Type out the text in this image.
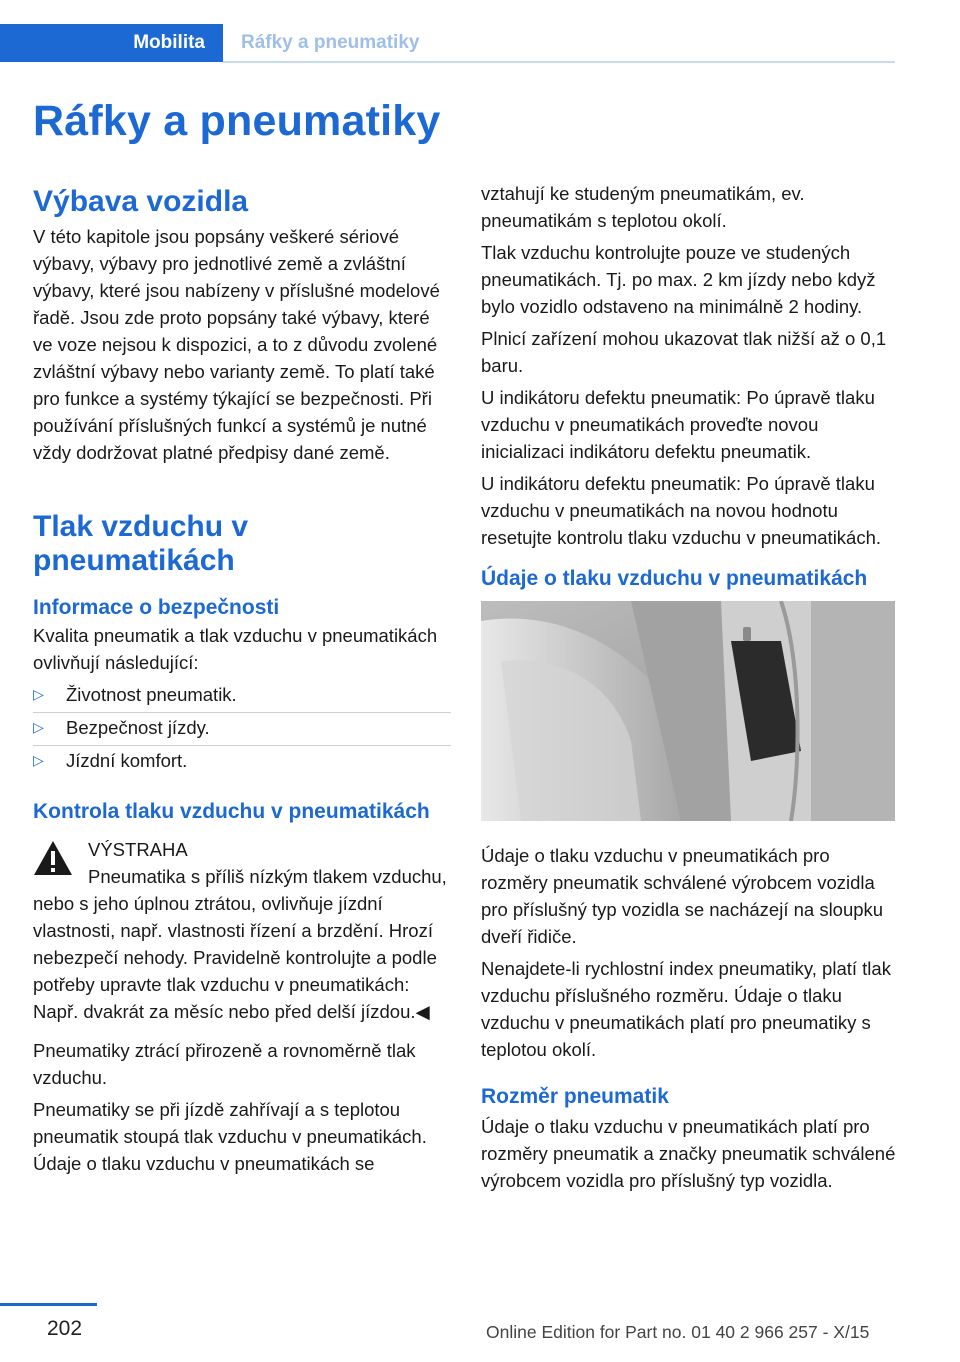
Mobilita Ráfky a pneumatiky
Ráfky a pneumatiky
Výbava vozidla

V této kapitole jsou popsány veškeré sériové výbavy, výbavy pro jednotlivé země a zvláštní výbavy, které jsou nabízeny v příslušné modelové řadě. Jsou zde proto popsány také výbavy, které ve voze nejsou k dispozici, a to z důvodu zvolené zvláštní výbavy nebo varianty země. To platí také pro funkce a systémy týkající se bezpečnosti. Při používání příslušných funkcí a systémů je nutné vždy dodržovat platné předpisy dané země.

Tlak vzduchu v pneumatikách
Informace o bezpečnosti

Kvalita pneumatik a tlak vzduchu v pneumatikách ovlivňují následující:

▷ Životnost pneumatik.
▷ Bezpečnost jízdy.
▷ Jízdní komfort.
Kontrola tlaku vzduchu v pneumatikách

VÝSTRAHA

Pneumatika s příliš nízkým tlakem vzduchu, nebo s jeho úplnou ztrátou, ovlivňuje jízdní vlastnosti, např. vlastnosti řízení a brzdění. Hrozí nebezpečí nehody. Pravidelně kontrolujte a podle potřeby upravte tlak vzduchu v pneumatikách: Např. dvakrát za měsíc nebo před delší jízdou.◀

Pneumatiky ztrácí přirozeně a rovnoměrně tlak vzduchu.

Pneumatiky se při jízdě zahřívají a s teplotou pneumatik stoupá tlak vzduchu v pneumatikách. Údaje o tlaku vzduchu v pneumatikách se

vztahují ke studeným pneumatikám, ev. pneumatikám s teplotou okolí.

Tlak vzduchu kontrolujte pouze ve studených pneumatikách. Tj. po max. 2 km jízdy nebo když bylo vozidlo odstaveno na minimálně 2 hodiny.

Plnicí zařízení mohou ukazovat tlak nižší až o 0,1 baru.

U indikátoru defektu pneumatik: Po úpravě tlaku vzduchu v pneumatikách proveďte novou inicializaci indikátoru defektu pneumatik.

U indikátoru defektu pneumatik: Po úpravě tlaku vzduchu v pneumatikách na novou hodnotu resetujte kontrolu tlaku vzduchu v pneumatikách.

Údaje o tlaku vzduchu v pneumatikách

Údaje o tlaku vzduchu v pneumatikách pro rozměry pneumatik schválené výrobcem vozidla pro příslušný typ vozidla se nacházejí na sloupku dveří řidiče.

Nenajdete-li rychlostní index pneumatiky, platí tlak vzduchu příslušného rozměru. Údaje o tlaku vzduchu v pneumatikách platí pro pneumatiky s teplotou okolí.

Rozměr pneumatik

Údaje o tlaku vzduchu v pneumatikách platí pro rozměry pneumatik a značky pneumatik schválené výrobcem vozidla pro příslušný typ vozidla.

202	Online Edition for Part no. 01 40 2 966 257 - X/15
